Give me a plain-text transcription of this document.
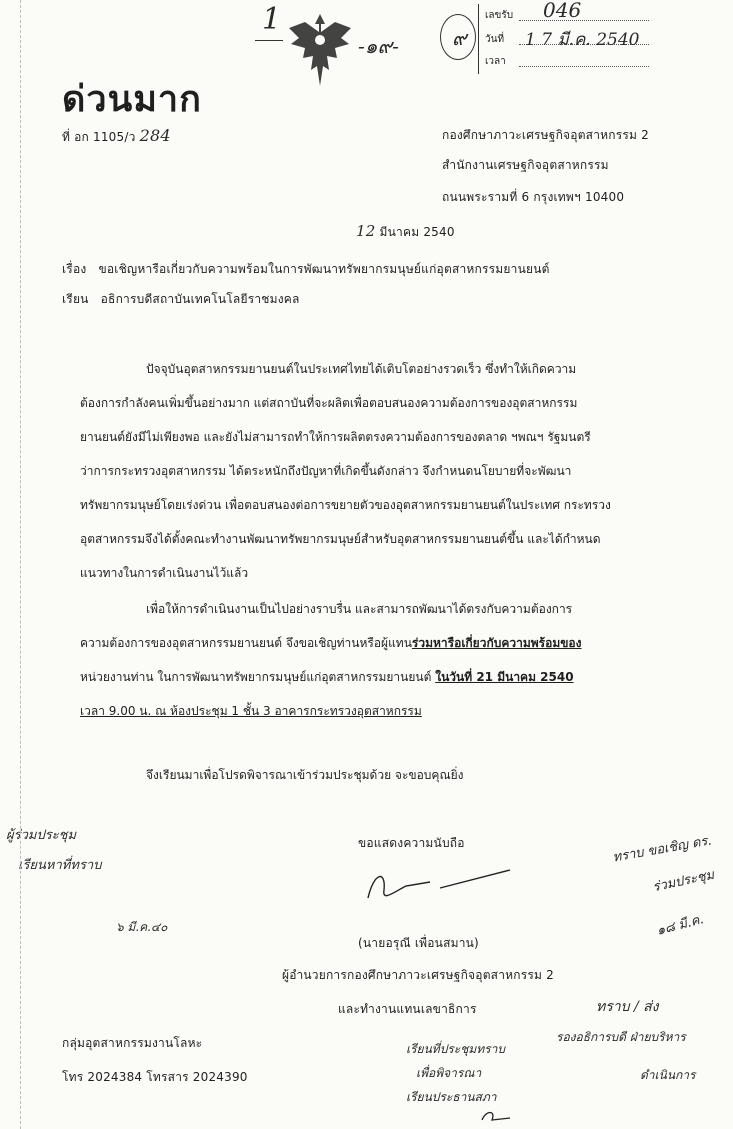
1
-๑๙-	๙
เลขรับ 046
วันที่ 1 7 มี.ค. 2540
เวลา
ด่วนมาก
ที่ อก 1105/ว 284	กองศึกษาภาวะเศรษฐกิจอุตสาหกรรม 2
สำนักงานเศรษฐกิจอุตสาหกรรม
ถนนพระรามที่ 6 กรุงเทพฯ 10400
12 มีนาคม 2540
เรื่อง ขอเชิญหารือเกี่ยวกับความพร้อมในการพัฒนาทรัพยากรมนุษย์แก่อุตสาหกรรมยานยนต์
เรียน อธิการบดีสถาบันเทคโนโลยีราชมงคล
ปัจจุบันอุตสาหกรรมยานยนต์ในประเทศไทยได้เติบโตอย่างรวดเร็ว ซึ่งทำให้เกิดความ
ต้องการกำลังคนเพิ่มขึ้นอย่างมาก แต่สถาบันที่จะผลิตเพื่อตอบสนองความต้องการของอุตสาหกรรม
ยานยนต์ยังมีไม่เพียงพอ และยังไม่สามารถทำให้การผลิตตรงความต้องการของตลาด ฯพณฯ รัฐมนตรี
ว่าการกระทรวงอุตสาหกรรม ได้ตระหนักถึงปัญหาที่เกิดขึ้นดังกล่าว จึงกำหนดนโยบายที่จะพัฒนา
ทรัพยากรมนุษย์โดยเร่งด่วน เพื่อตอบสนองต่อการขยายตัวของอุตสาหกรรมยานยนต์ในประเทศ กระทรวง
อุตสาหกรรมจึงได้ตั้งคณะทำงานพัฒนาทรัพยากรมนุษย์สำหรับอุตสาหกรรมยานยนต์ขึ้น และได้กำหนด
แนวทางในการดำเนินงานไว้แล้ว
เพื่อให้การดำเนินงานเป็นไปอย่างราบรื่น และสามารถพัฒนาได้ตรงกับความต้องการ
ความต้องการของอุตสาหกรรมยานยนต์ จึงขอเชิญท่านหรือผู้แทนร่วมหารือเกี่ยวกับความพร้อมของ
หน่วยงานท่าน ในการพัฒนาทรัพยากรมนุษย์แก่อุตสาหกรรมยานยนต์ ในวันที่ 21 มีนาคม 2540
เวลา 9.00 น. ณ ห้องประชุม 1 ชั้น 3 อาคารกระทรวงอุตสาหกรรม
จึงเรียนมาเพื่อโปรดพิจารณาเข้าร่วมประชุมด้วย จะขอบคุณยิ่ง
ขอแสดงความนับถือ
(นายอรุณี เพื่อนสมาน)
ผู้อำนวยการกองศึกษาภาวะเศรษฐกิจอุตสาหกรรม 2
และทำงานแทนเลขาธิการ
กลุ่มอุตสาหกรรมงานโลหะ
โทร 2024384 โทรสาร 2024390
ผู้ร่วมประชุม
เรียนหาที่ทราบ
๖ มี.ค.๔๐
ทราบ ขอเชิญ ดร.
ร่วมประชุม
๑๘ มี.ค.
ทราบ / ส่ง
รองอธิการบดี ฝ่ายบริหาร
ดำเนินการ
เรียนที่ประชุมทราบ
เพื่อพิจารณา
เรียนประธานสภา
